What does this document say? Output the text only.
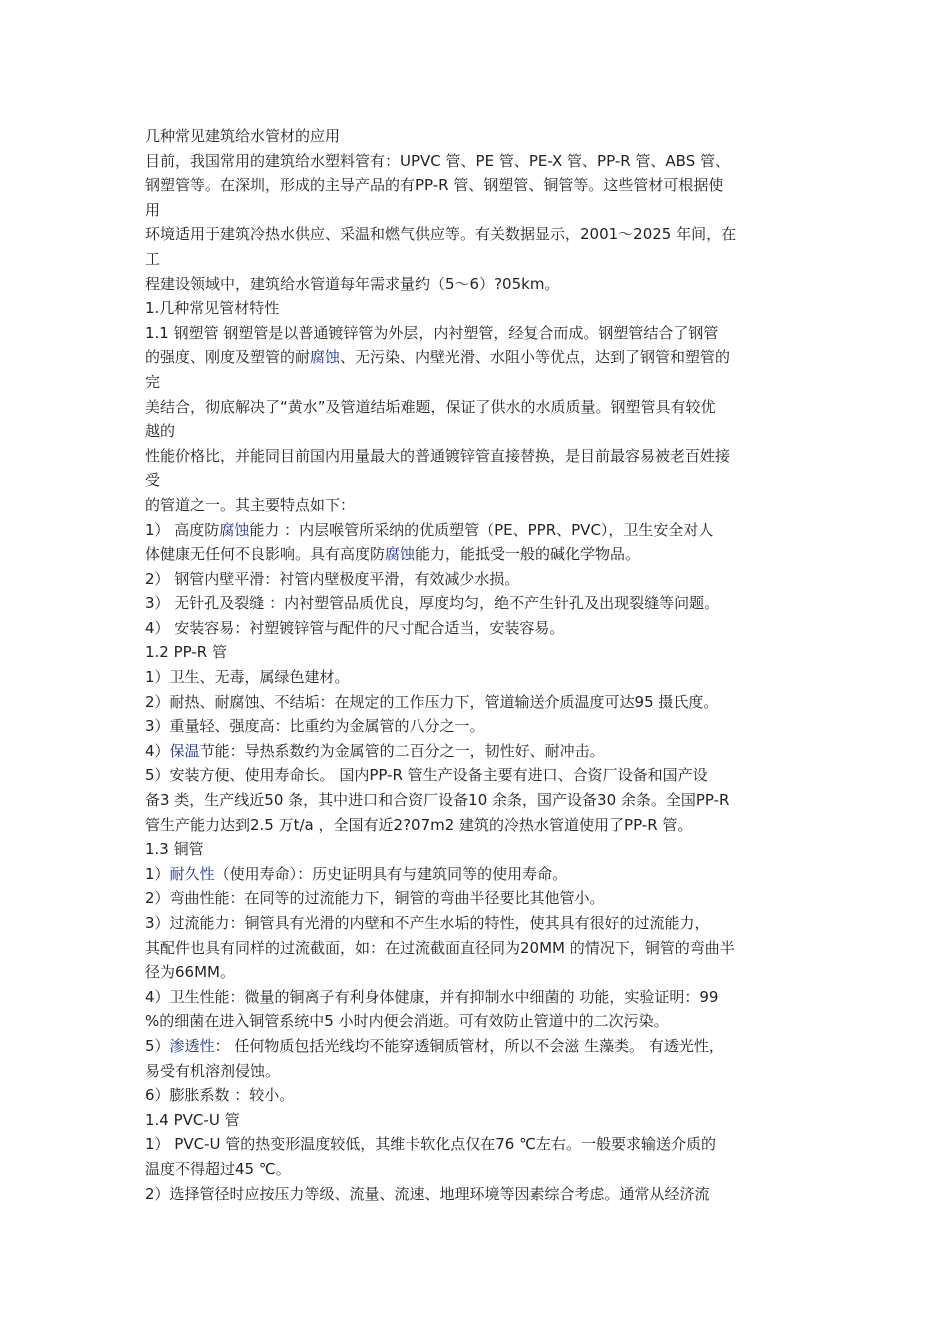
几种常见建筑给水管材的应用
目前，我国常用的建筑给水塑料管有：UPVC 管、PE 管、PE-X 管、PP-R 管、ABS 管、
钢塑管等。在深圳，形成的主导产品的有PP-R 管、钢塑管、铜管等。这些管材可根据使
用
环境适用于建筑冷热水供应、采温和燃气供应等。有关数据显示，2001～2025 年间，在
工
程建设领域中，建筑给水管道每年需求量约（5～6）?05km。
1.几种常见管材特性
1.1 钢塑管 钢塑管是以普通镀锌管为外层，内衬塑管，经复合而成。钢塑管结合了钢管
的强度、刚度及塑管的耐腐蚀、无污染、内壁光滑、水阻小等优点，达到了钢管和塑管的
完
美结合，彻底解决了“黄水”及管道结垢难题，保证了供水的水质质量。钢塑管具有较优
越的
性能价格比，并能同目前国内用量最大的普通镀锌管直接替换，是目前最容易被老百姓接
受
的管道之一。其主要特点如下：
1） 高度防腐蚀能力 ：内层喉管所采纳的优质塑管（PE、PPR、PVC），卫生安全对人
体健康无任何不良影响。具有高度防腐蚀能力，能抵受一般的碱化学物品。
2） 钢管内壁平滑：衬管内壁极度平滑，有效减少水损。
3） 无针孔及裂缝 ：内衬塑管品质优良，厚度均匀，绝不产生针孔及出现裂缝等问题。
4） 安装容易：衬塑镀锌管与配件的尺寸配合适当，安装容易。
1.2 PP-R 管
1）卫生、无毒，属绿色建材。
2）耐热、耐腐蚀、不结垢：在规定的工作压力下，管道输送介质温度可达95 摄氏度。
3）重量轻、强度高：比重约为金属管的八分之一。
4）保温节能：导热系数约为金属管的二百分之一，韧性好、耐冲击。
5）安装方便、使用寿命长。 国内PP-R 管生产设备主要有进口、合资厂设备和国产设
备3 类，生产线近50 条，其中进口和合资厂设备10 余条，国产设备30 余条。全国PP-R
管生产能力达到2.5 万t/a ，全国有近2?07m2 建筑的冷热水管道使用了PP-R 管。
1.3 铜管
1）耐久性（使用寿命）：历史证明具有与建筑同等的使用寿命。
2）弯曲性能：在同等的过流能力下，铜管的弯曲半径要比其他管小。
3）过流能力：铜管具有光滑的内壁和不产生水垢的特性，使其具有很好的过流能力，
其配件也具有同样的过流截面，如：在过流截面直径同为20MM 的情况下，铜管的弯曲半
径为66MM。
4）卫生性能：微量的铜离子有利身体健康，并有抑制水中细菌的 功能，实验证明：99
%的细菌在进入铜管系统中5 小时内便会消逝。可有效防止管道中的二次污染。
5）渗透性： 任何物质包括光线均不能穿透铜质管材，所以不会滋 生藻类。 有透光性，
易受有机溶剂侵蚀。
6）膨胀系数 ：较小。
1.4 PVC-U 管
1） PVC-U 管的热变形温度较低，其维卡软化点仅在76 ℃左右。一般要求输送介质的
温度不得超过45 ℃。
2）选择管径时应按压力等级、流量、流速、地理环境等因素综合考虑。通常从经济流
